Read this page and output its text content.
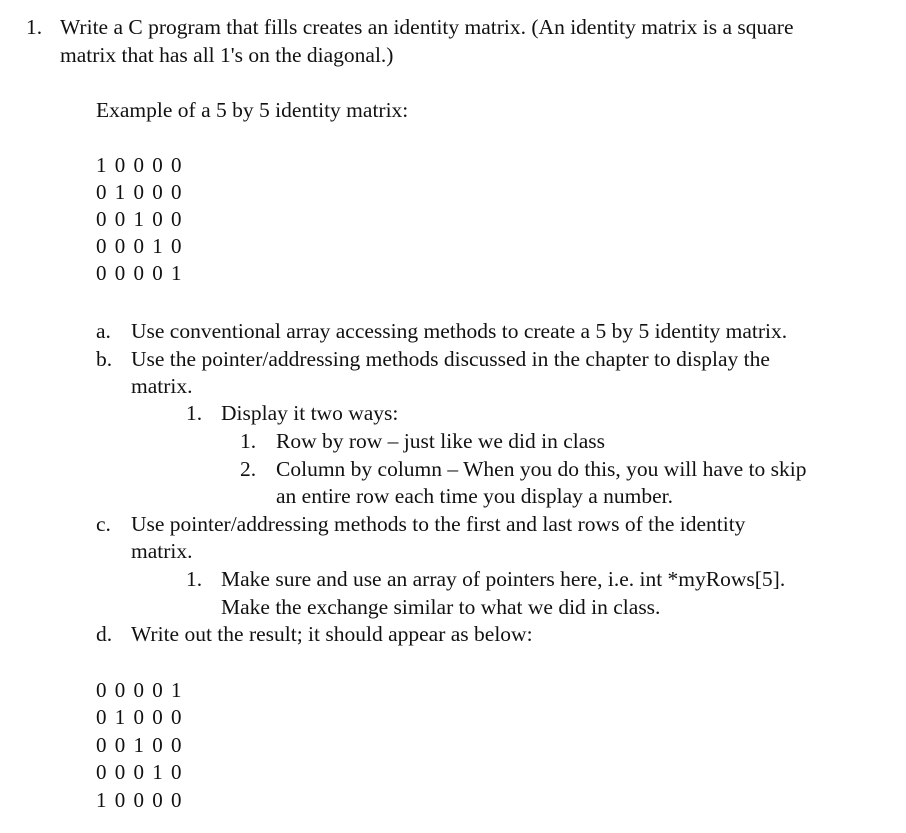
1. Write a C program that fills creates an identity matrix. (An identity matrix is a square
matrix that has all 1's on the diagonal.)
Example of a 5 by 5 identity matrix:
1 0 0 0 0
0 1 0 0 0
0 0 1 0 0
0 0 0 1 0
0 0 0 0 1
a. Use conventional array accessing methods to create a 5 by 5 identity matrix.
b. Use the pointer/addressing methods discussed in the chapter to display the
matrix.
1. Display it two ways:
1. Row by row – just like we did in class
2. Column by column – When you do this, you will have to skip
an entire row each time you display a number.
c. Use pointer/addressing methods to the first and last rows of the identity
matrix.
1. Make sure and use an array of pointers here, i.e. int *myRows[5].
Make the exchange similar to what we did in class.
d. Write out the result; it should appear as below:
0 0 0 0 1
0 1 0 0 0
0 0 1 0 0
0 0 0 1 0
1 0 0 0 0
